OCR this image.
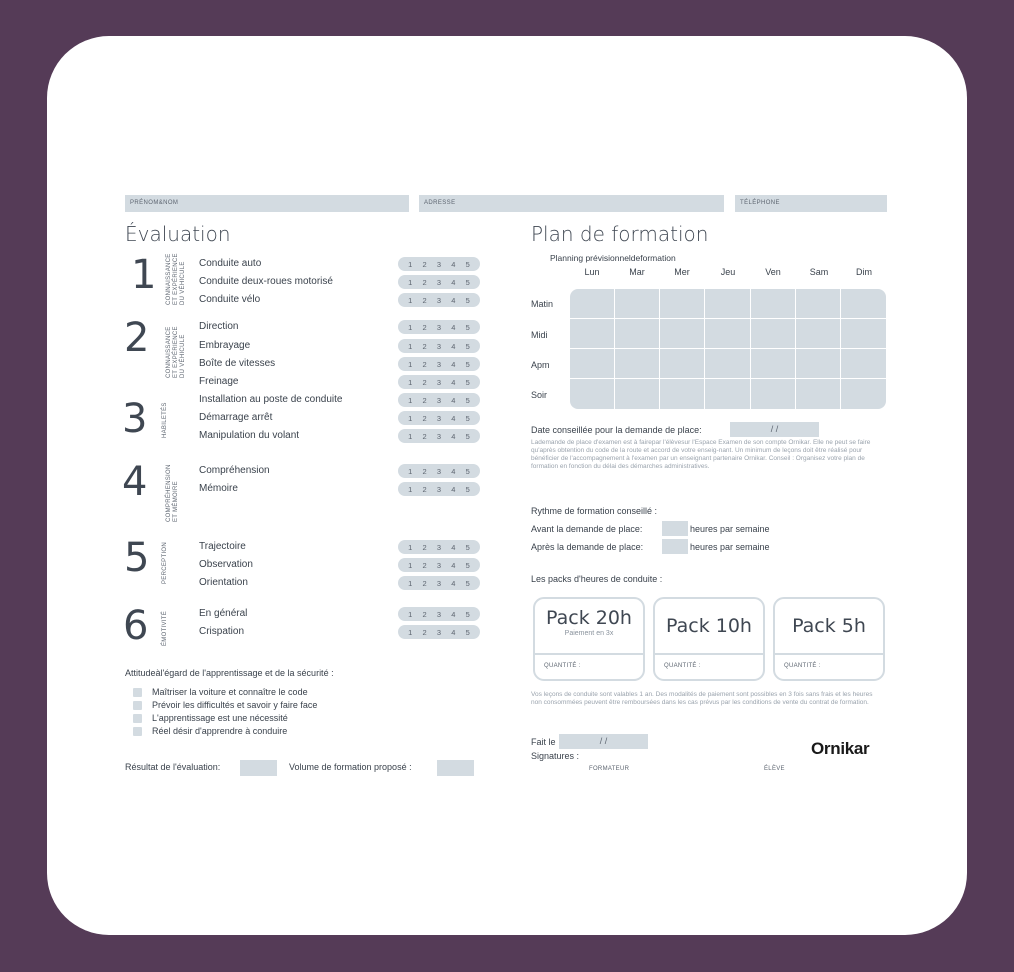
PRÉNOM&NOM	ADRESSE	TÉLÉPHONE
Évaluation
1 CONNAISSANCE ET EXPÉRIENCE DU VÉHICULE Conduite auto	1 2 3 4 5
Conduite deux-roues motorisé	1 2 3 4 5
Conduite vélo	1 2 3 4 5
2	CONNAISSANCE ET EXPÉRIENCE DU VÉHICULE
Direction	1 2 3 4 5
Embrayage	1 2 3 4 5
Boîte de vitesses	1 2 3 4 5
Freinage	1 2 3 4 5
3 HABILETÉS
Installation au poste de conduite	1 2 3 4 5
Démarrage arrêt	1 2 3 4 5
Manipulation du volant	1 2 3 4 5
4	COMPRÉHENSION ET MÉMOIRE
Compréhension	1 2 3 4 5
Mémoire	1 2 3 4 5
5 PERCEPTION	Trajectoire	1 2 3 4 5
Observation	1 2 3 4 5
Orientation	1 2 3 4 5
6 ÉMOTIVITÉ	En général	1 2 3 4 5
Crispation	1 2 3 4 5
Attitudeàl'égard de l'apprentissage et de la sécurité :
Maîtriser la voiture et connaître le code
Prévoir les difficultés et savoir y faire face
L'apprentissage est une nécessité
Réel désir d'apprendre à conduire
Résultat de l'évaluation:	Volume de formation proposé :
Plan de formation
Planning prévisionneldeformation
Lun	Mar	Mer	Jeu	Ven	Sam	Dim
Matin
Midi
Apm
Soir
Date conseillée pour la demande de place:	/ /
Lademande de place d'examen est à fairepar l'élèvesur l'Espace Examen de son compte Ornikar. Elle ne peut se faire qu'après obtention du code de la route et accord de votre enseig-nant. Un minimum de leçons doit être réalisé pour bénéficier de l'accompagnement à l'examen par un enseignant partenaire Ornikar. Conseil : Organisez votre plan de formation en fonction du délai des démarches administratives.
Rythme de formation conseillé :
Avant la demande de place:	heures par semaine
Après la demande de place:	heures par semaine
Les packs d'heures de conduite :
Pack 20h
Paiement en 3x
QUANTITÉ :
Pack 10h
QUANTITÉ :
Pack 5h
QUANTITÉ :
Vos leçons de conduite sont valables 1 an. Des modalités de paiement sont possibles en 3 fois sans frais et les heures non consommées peuvent être remboursées dans les cas prévus par les conditions de vente du contrat de formation.
Fait le	/ /
Signatures :
FORMATEUR	ÉLÈVE
Ornikar
